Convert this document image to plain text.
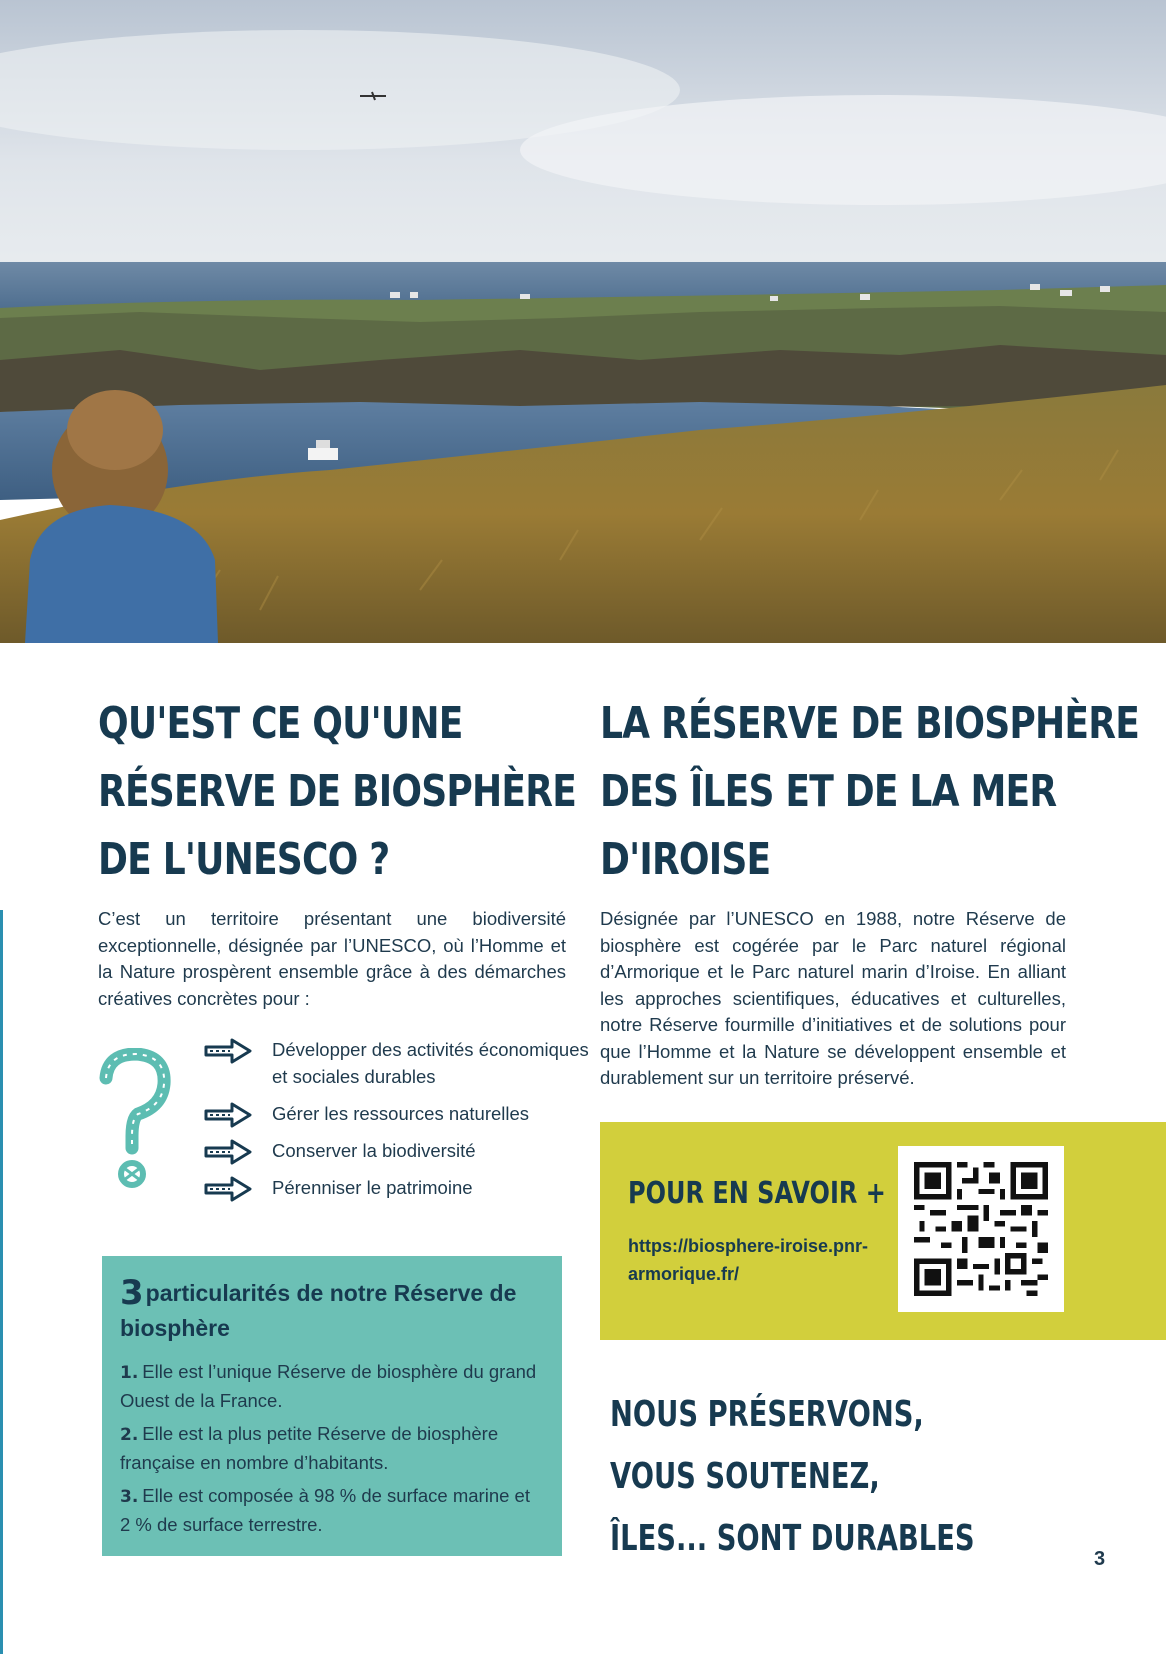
QU'EST CE QU'UNE
RÉSERVE DE BIOSPHÈRE
DE L'UNESCO ?

C’est un territoire présentant une biodiversité exceptionnelle, désignée par l’UNESCO, où l’Homme et la Nature prospèrent ensemble grâce à des démarches créatives concrètes pour :

Développer des activités économiques et sociales durables
Gérer les ressources naturelles
Conserver la biodiversité
Pérenniser le patrimoine

3particularités de notre Réserve de biosphère

1. Elle est l’unique Réserve de biosphère du grand Ouest de la France.

2. Elle est la plus petite Réserve de biosphère française en nombre d’habitants.

3. Elle est composée à 98 % de surface marine et 2 % de surface terrestre.

LA RÉSERVE DE BIOSPHÈRE
DES ÎLES ET DE LA MER
D'IROISE

Désignée par l’UNESCO en 1988, notre Réserve de biosphère est cogérée par le Parc naturel régional d’Armorique et le Parc naturel marin d’Iroise. En alliant les approches scientifiques, éducatives et culturelles, notre Réserve fourmille d’initiatives et de solutions pour que l’Homme et la Nature se développent ensemble et durablement sur un territoire préservé.

POUR EN SAVOIR +

https://biosphere-iroise.pnr-armorique.fr/

NOUS PRÉSERVONS,
VOUS SOUTENEZ,
ÎLES... SONT DURABLES	3
